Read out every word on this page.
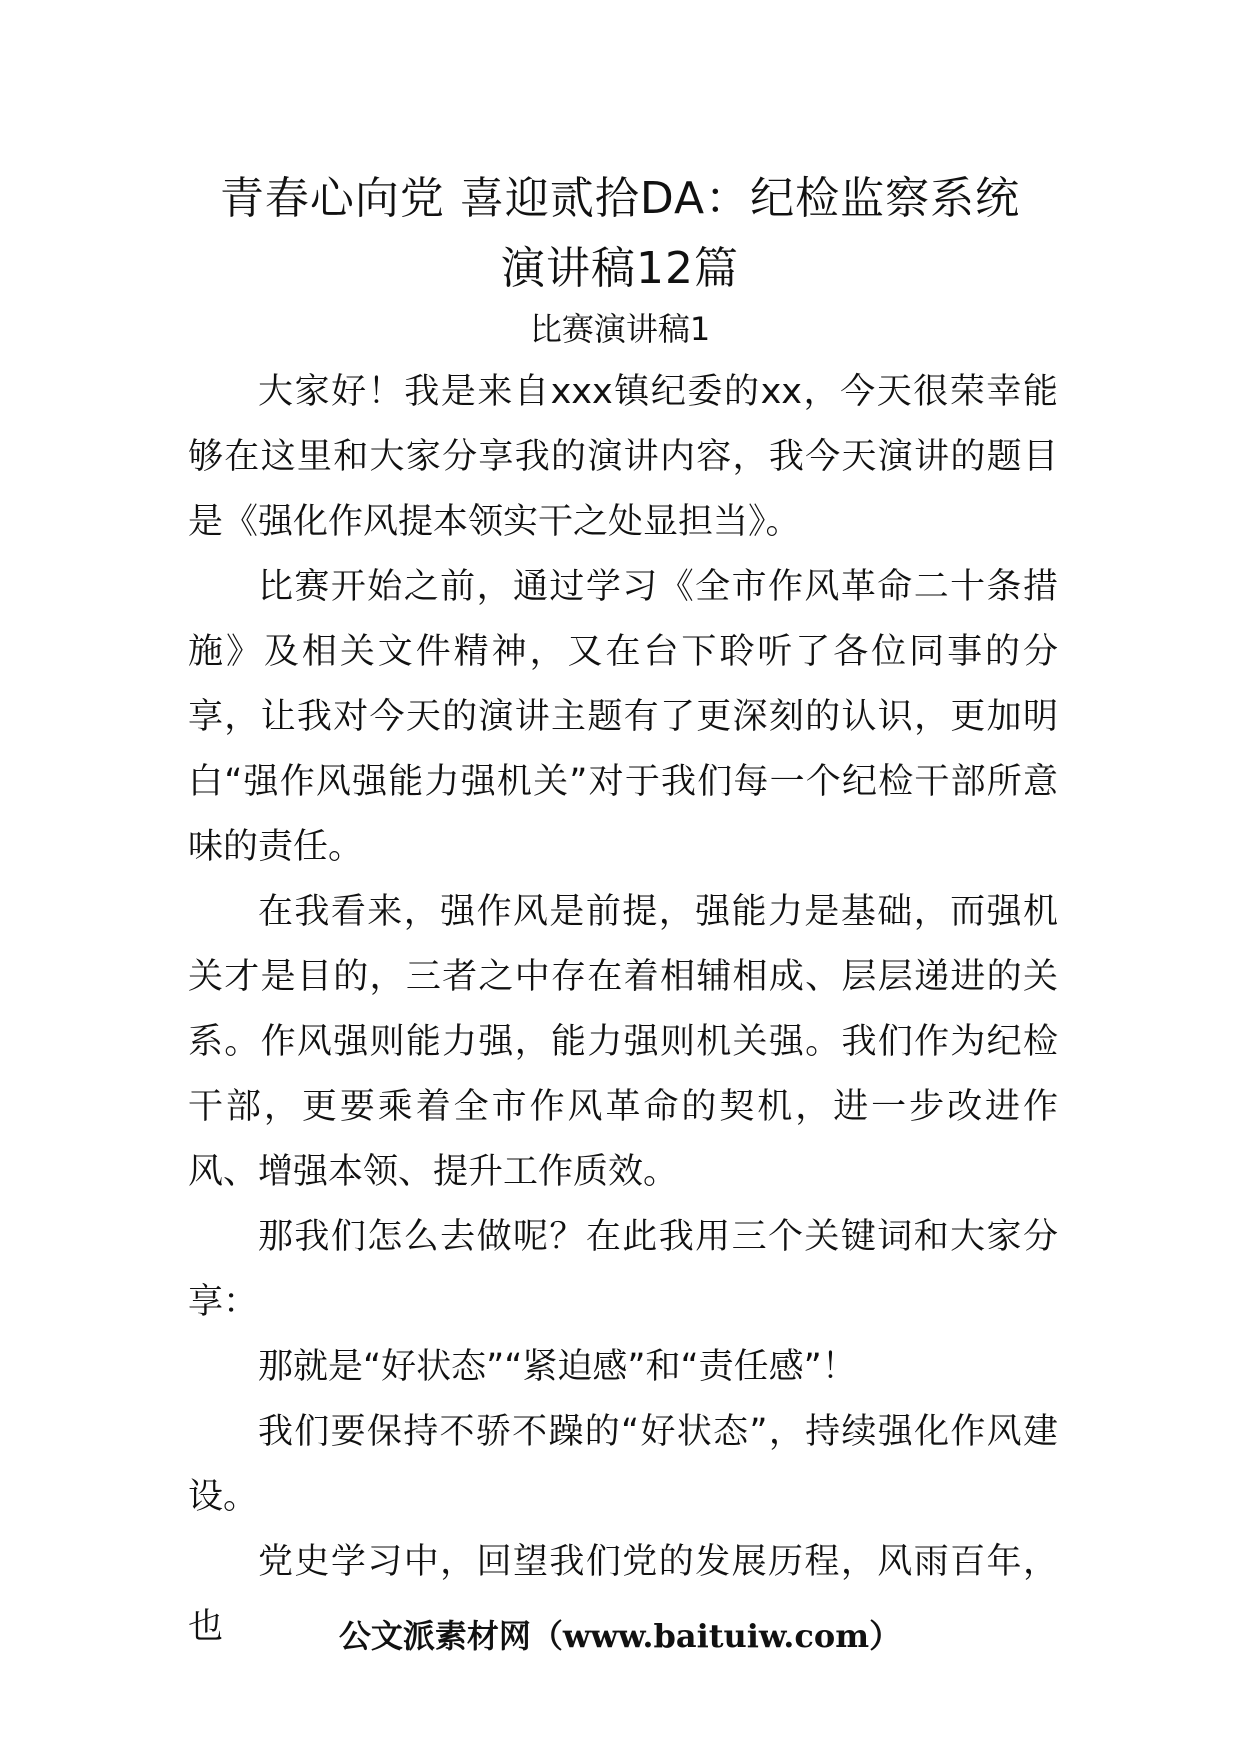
青春心向党 喜迎贰拾DA：纪检监察系统
演讲稿12篇
比赛演讲稿1

大家好！我是来自xxx镇纪委的xx，今天很荣幸能够在这里和大家分享我的演讲内容，我今天演讲的题目是《强化作风提本领实干之处显担当》。

比赛开始之前，通过学习《全市作风革命二十条措施》及相关文件精神，又在台下聆听了各位同事的分享，让我对今天的演讲主题有了更深刻的认识，更加明白“强作风强能力强机关”对于我们每一个纪检干部所意味的责任。

在我看来，强作风是前提，强能力是基础，而强机关才是目的，三者之中存在着相辅相成、层层递进的关系。作风强则能力强，能力强则机关强。我们作为纪检干部，更要乘着全市作风革命的契机，进一步改进作风、增强本领、提升工作质效。

那我们怎么去做呢？在此我用三个关键词和大家分享：

那就是“好状态”“紧迫感”和“责任感”！

我们要保持不骄不躁的“好状态”，持续强化作风建设。

党史学习中，回望我们党的发展历程，风雨百年，也	公文派素材网（www.baituiw.com）
